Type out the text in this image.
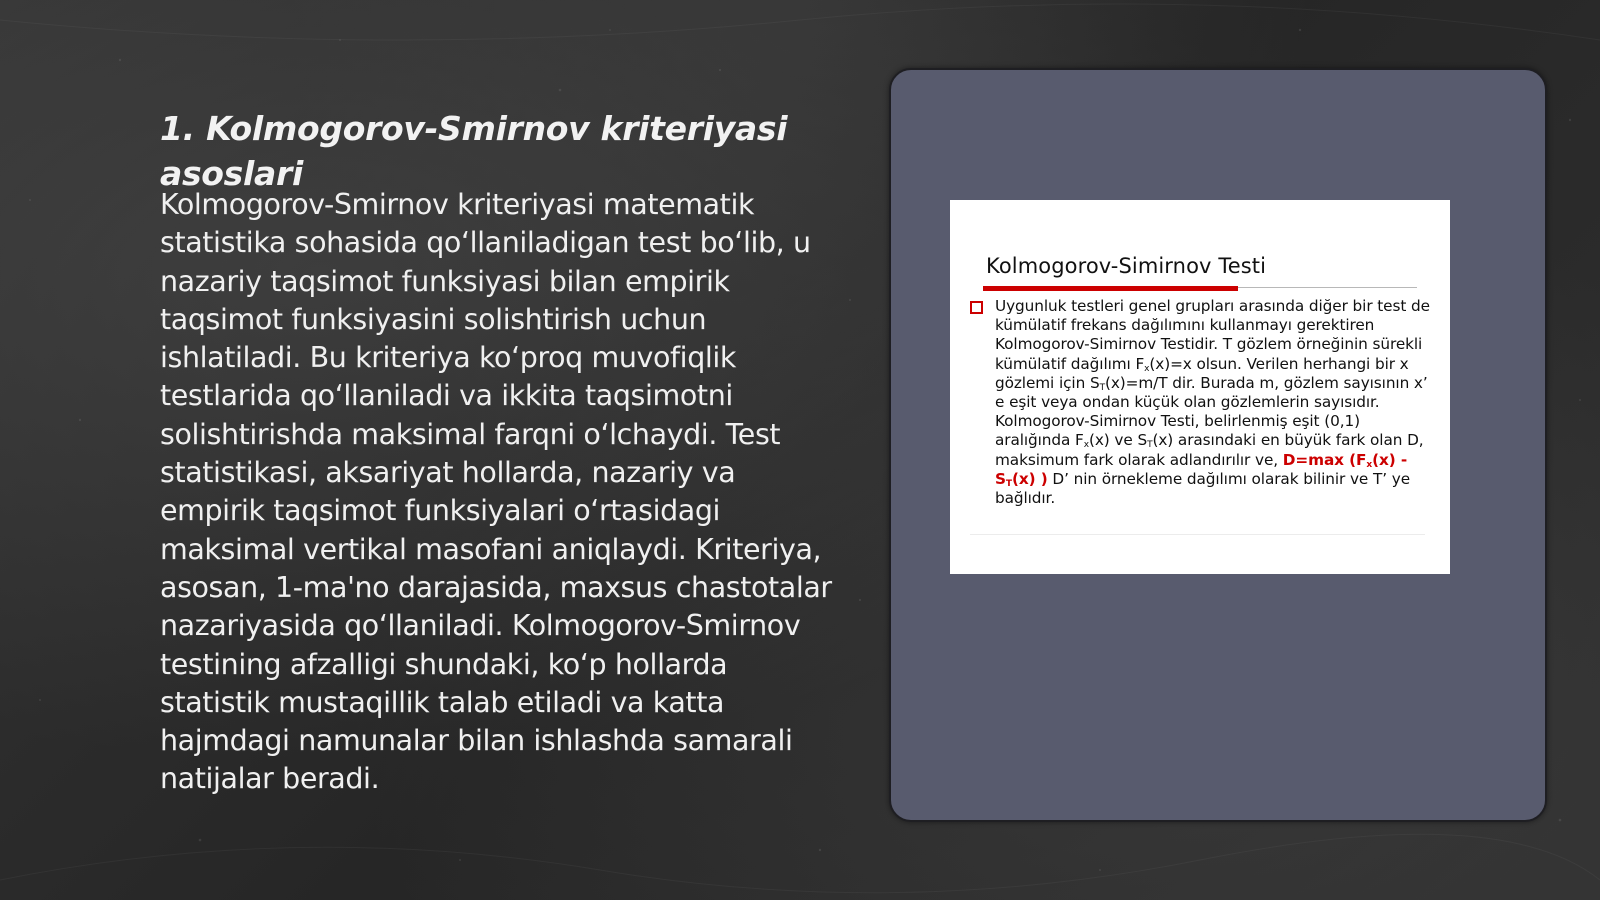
1. Kolmogorov-Smirnov kriteriyasi asoslari

Kolmogorov-Smirnov kriteriyasi matematik statistika sohasida qo‘llaniladigan test bo‘lib, u nazariy taqsimot funksiyasi bilan empirik taqsimot funksiyasini solishtirish uchun ishlatiladi. Bu kriteriya ko‘proq muvofiqlik testlarida qo‘llaniladi va ikkita taqsimotni solishtirishda maksimal farqni o‘lchaydi. Test statistikasi, aksariyat hollarda, nazariy va empirik taqsimot funksiyalari o‘rtasidagi maksimal vertikal masofani aniqlaydi. Kriteriya, asosan, 1-ma'no darajasida, maxsus chastotalar nazariyasida qo‘llaniladi. Kolmogorov-Smirnov testining afzalligi shundaki, ko‘p hollarda statistik mustaqillik talab etiladi va katta hajmdagi namunalar bilan ishlashda samarali natijalar beradi.

Kolmogorov-Simirnov Testi

Uygunluk testleri genel grupları arasında diğer bir test de kümülatif frekans dağılımını kullanmayı gerektiren Kolmogorov-Simirnov Testidir. T gözlem örneğinin sürekli kümülatif dağılımı $F_x(x)=x$ olsun. Verilen herhangi bir x gözlemi için $S_T(x)=m/T$ dir. Burada m, gözlem sayısının x’ e eşit veya ondan küçük olan gözlemlerin sayısıdır. Kolmogorov-Simirnov Testi, belirlenmiş eşit (0,1) aralığında $F_x(x)$ ve $S_T(x)$ arasındaki en büyük fark olan D, maksimum fark olarak adlandırılır ve, D=max ($F_x(x) - S_T(x)$ ) D’ nin örnekleme dağılımı olarak bilinir ve T’ ye bağlıdır.
